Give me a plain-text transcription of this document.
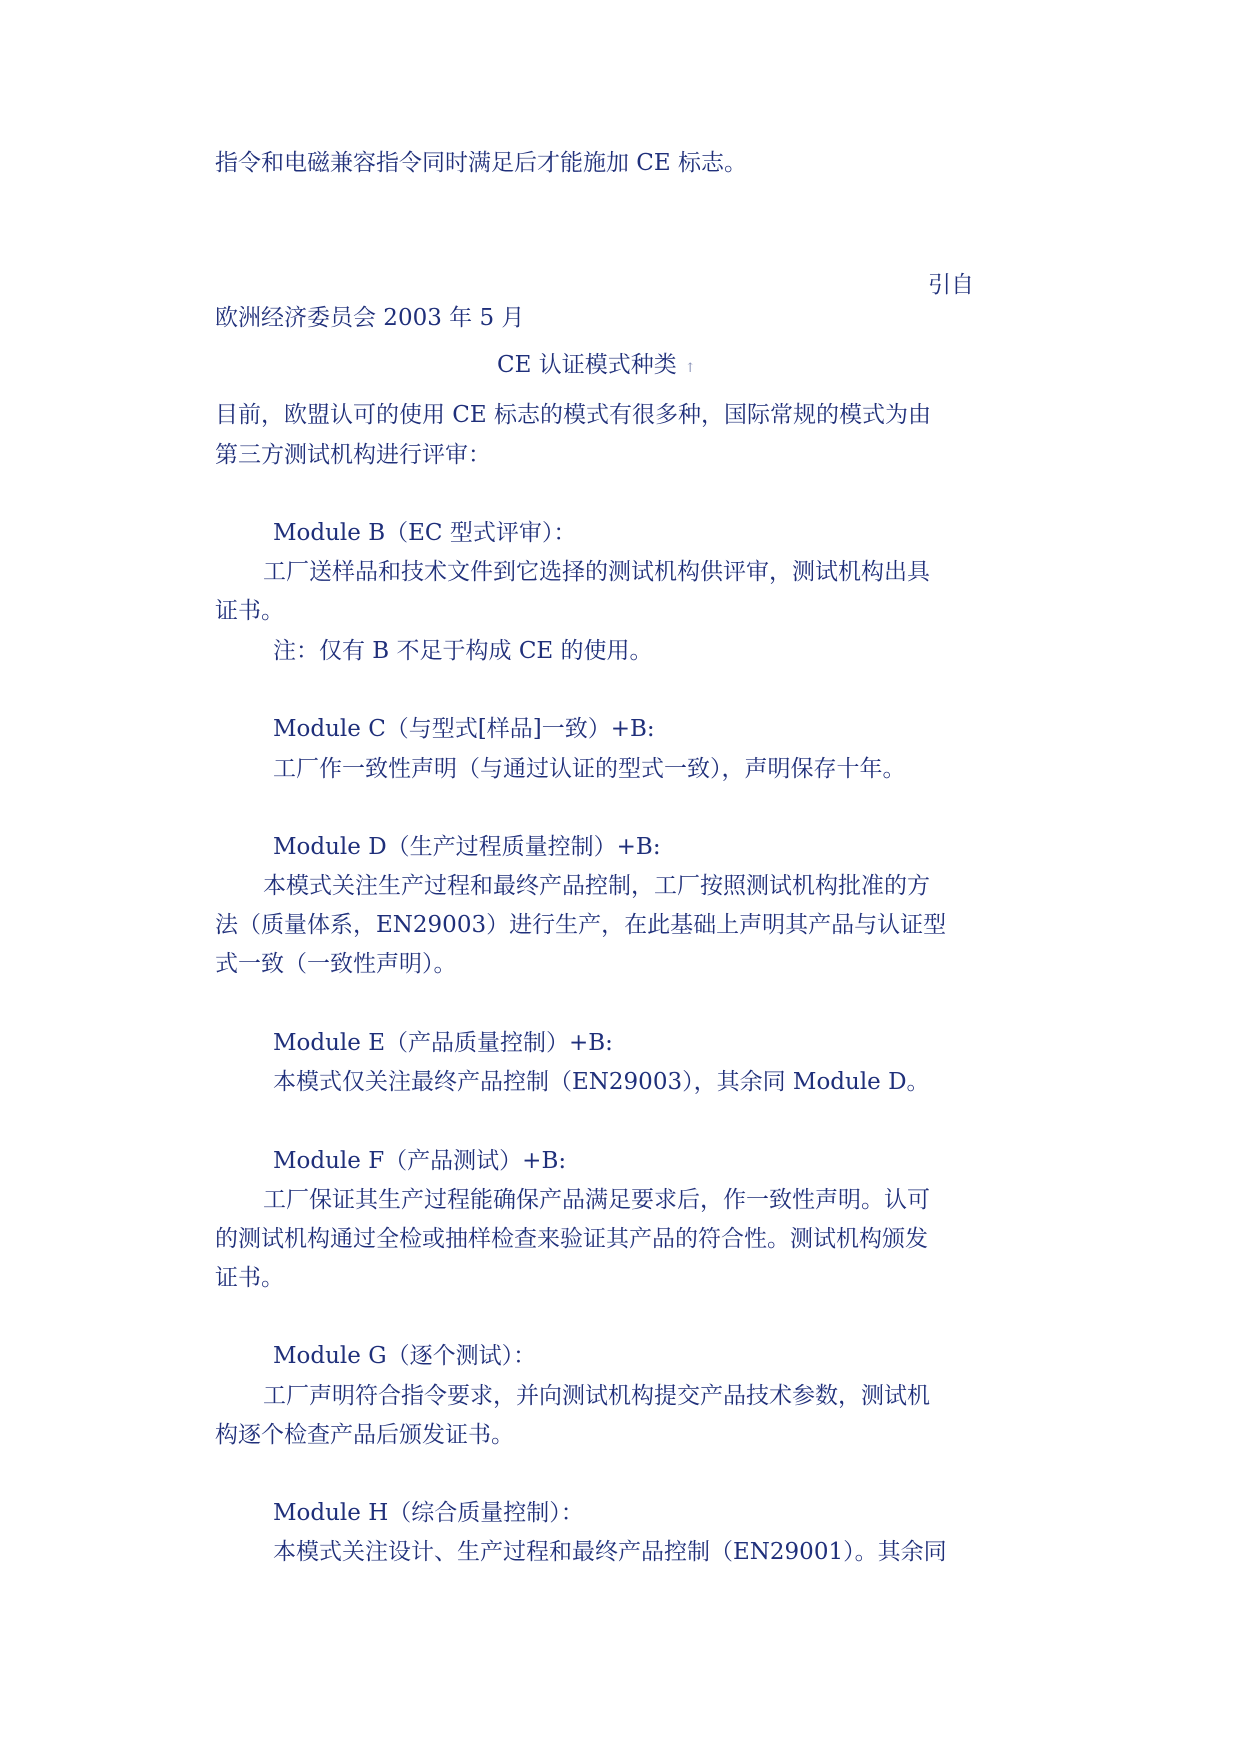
指令和电磁兼容指令同时满足后才能施加 CE 标志。
引自
欧洲经济委员会 2003 年 5 月
CE 认证模式种类 ↑
目前，欧盟认可的使用 CE 标志的模式有很多种，国际常规的模式为由
第三方测试机构进行评审：
Module B（EC 型式评审）：
工厂送样品和技术文件到它选择的测试机构供评审，测试机构出具
证书。
注：仅有 B 不足于构成 CE 的使用。
Module C（与型式[样品]一致）+B:
工厂作一致性声明（与通过认证的型式一致），声明保存十年。
Module D（生产过程质量控制）+B:
本模式关注生产过程和最终产品控制，工厂按照测试机构批准的方
法（质量体系，EN29003）进行生产，在此基础上声明其产品与认证型
式一致（一致性声明）。
Module E（产品质量控制）+B:
本模式仅关注最终产品控制（EN29003），其余同 Module D。
Module F（产品测试）+B:
工厂保证其生产过程能确保产品满足要求后，作一致性声明。认可
的测试机构通过全检或抽样检查来验证其产品的符合性。测试机构颁发
证书。
Module G（逐个测试）：
工厂声明符合指令要求，并向测试机构提交产品技术参数，测试机
构逐个检查产品后颁发证书。
Module H（综合质量控制）：
本模式关注设计、生产过程和最终产品控制（EN29001）。其余同
